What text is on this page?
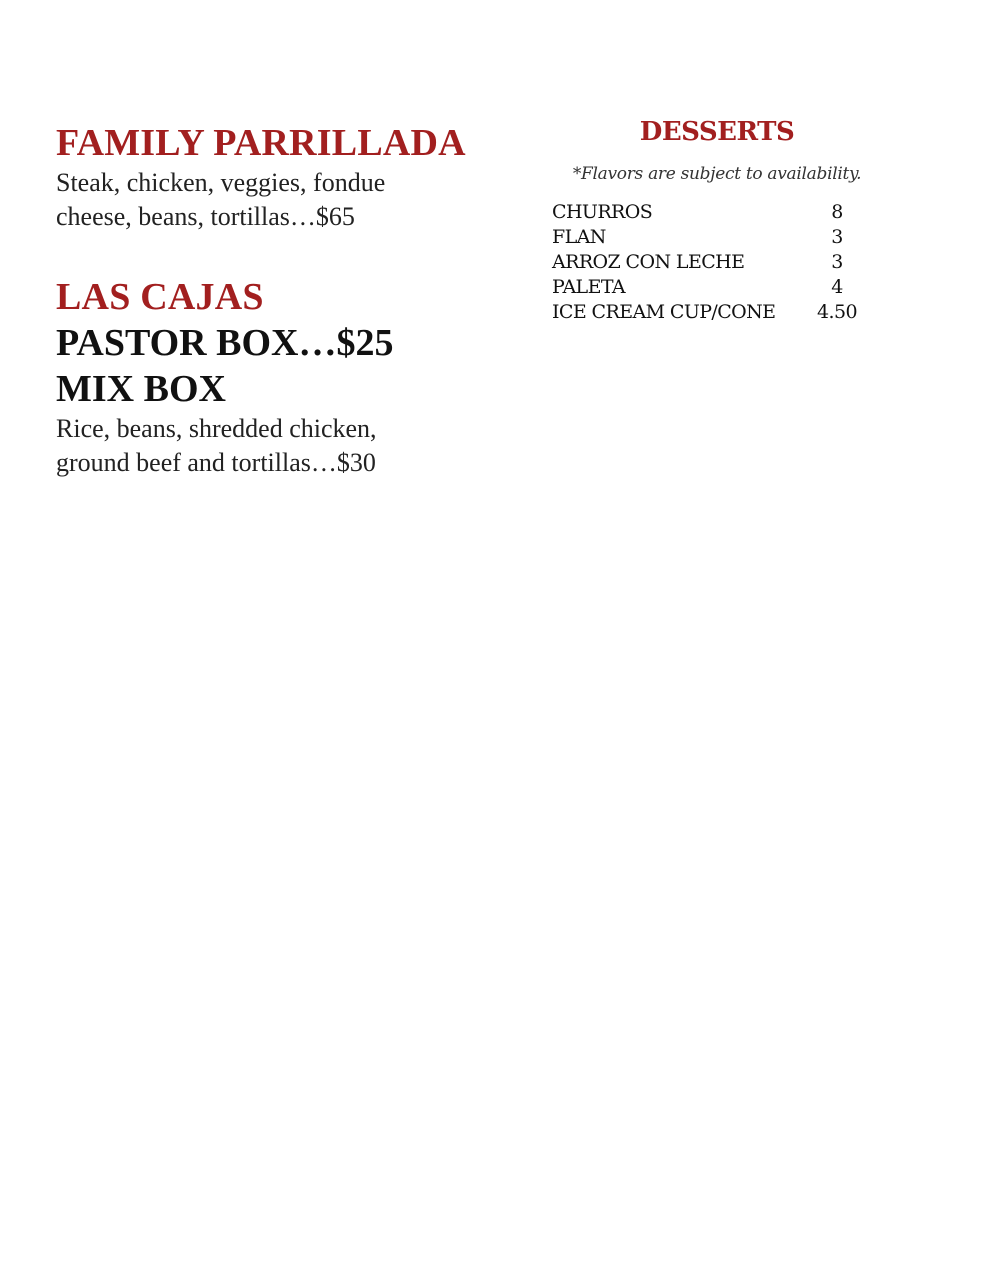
FAMILY PARRILLADA

Steak, chicken, veggies, fondue

cheese, beans, tortillas…$65

LAS CAJAS

PASTOR BOX…$25

MIX BOX

Rice, beans, shredded chicken,

ground beef and tortillas…$30

DESSERTS

*Flavors are subject to availability.

CHURROS	8
FLAN	3
ARROZ CON LECHE	3
PALETA	4
ICE CREAM CUP/CONE 4.50
